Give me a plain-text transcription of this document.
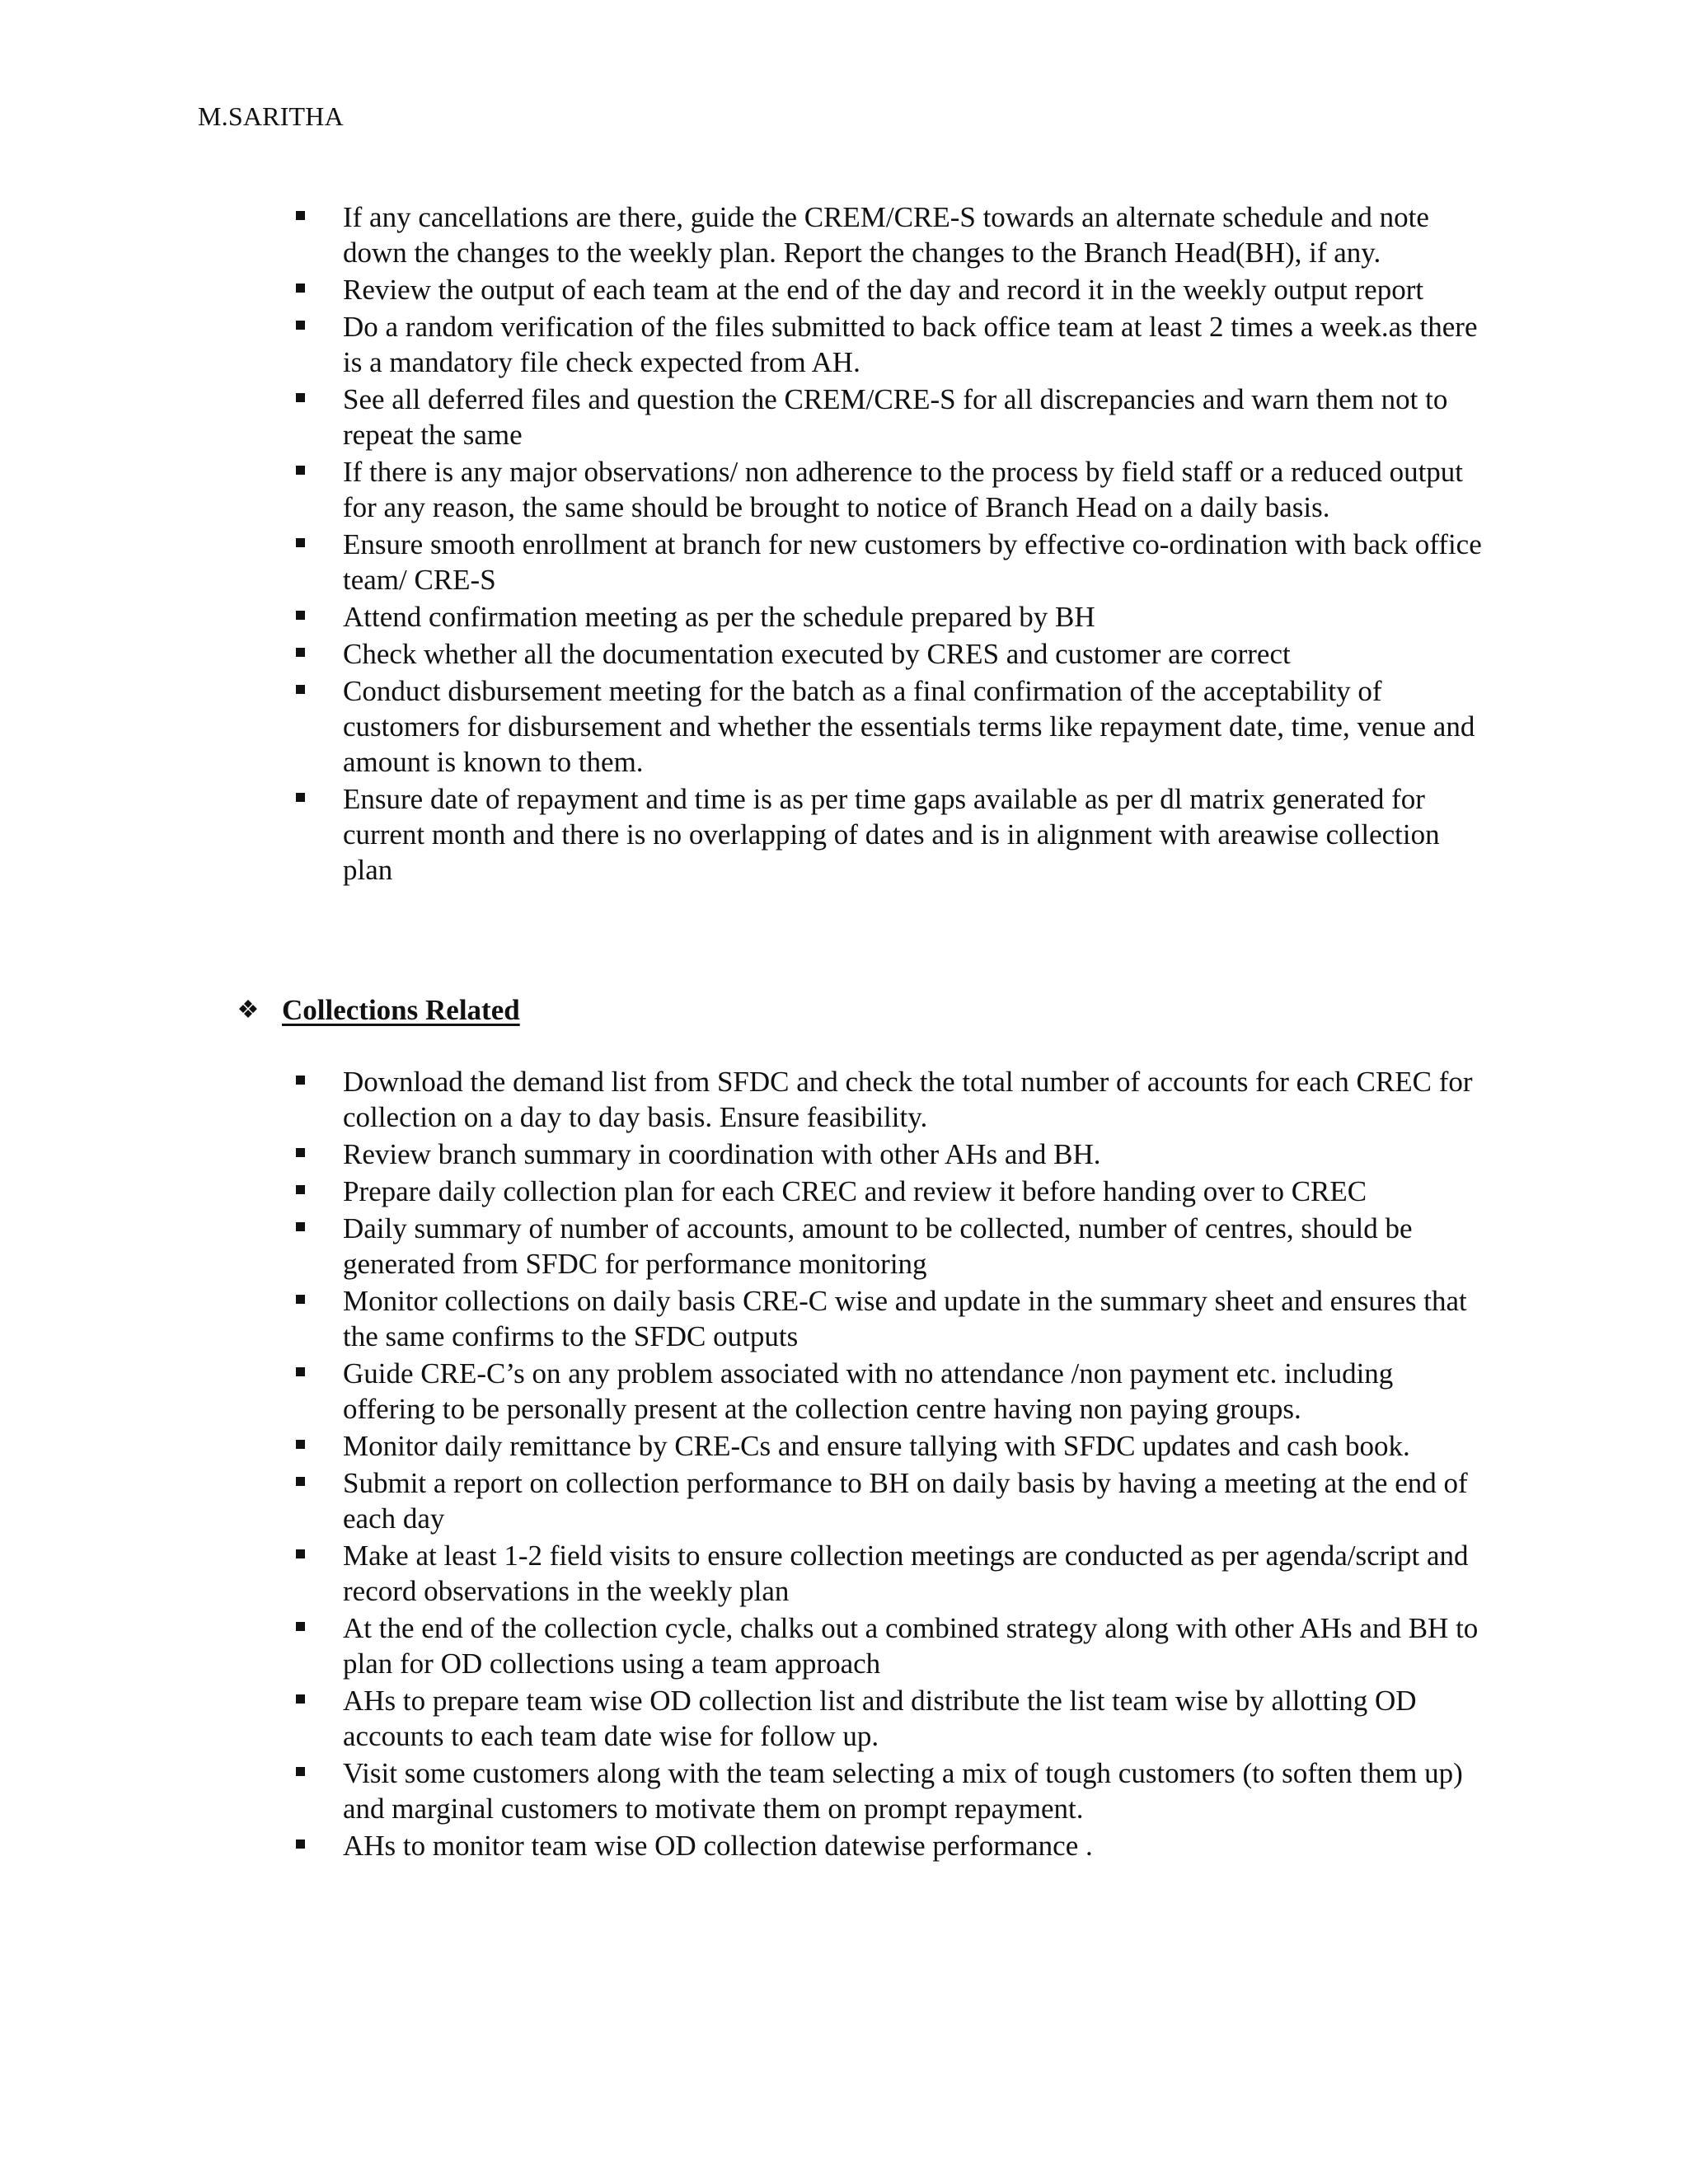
M.SARITHA
If any cancellations are there, guide the CREM/CRE-S towards an alternate schedule and note down the changes to the weekly plan. Report the changes to the Branch Head(BH), if any.
Review the output of each team at the end of the day and record it in the weekly output report
Do a random verification of the files submitted to back office team at least 2 times a week.as there is a mandatory file check expected from AH.
See all deferred files and question the CREM/CRE-S for all discrepancies and warn them not to repeat the same
If there is any major observations/ non adherence to the process by field staff or a reduced output for any reason, the same should be brought to notice of Branch Head on a daily basis.
Ensure smooth enrollment at branch for new customers by effective co-ordination with back office team/ CRE-S
Attend confirmation meeting as per the schedule prepared by BH
Check whether all the documentation executed by CRES and customer are correct
Conduct disbursement meeting for the batch as a final confirmation of the acceptability of customers for disbursement and whether the essentials terms like repayment date, time, venue and amount is known to them.
Ensure date of repayment and time is as per time gaps available as per dl matrix generated for current month and there is no overlapping of dates and is in alignment with areawise collection plan
❖ Collections Related
Download the demand list from SFDC and check the total number of accounts for each CREC for collection on a day to day basis. Ensure feasibility.
Review branch summary in coordination with other AHs and BH.
Prepare daily collection plan for each CREC and review it before handing over to CREC
Daily summary of number of accounts, amount to be collected, number of centres, should be generated from SFDC for performance monitoring
Monitor collections on daily basis CRE-C wise and update in the summary sheet and ensures that the same confirms to the SFDC outputs
Guide CRE-C’s on any problem associated with no attendance /non payment etc. including offering to be personally present at the collection centre having non paying groups.
Monitor daily remittance by CRE-Cs and ensure tallying with SFDC updates and cash book.
Submit a report on collection performance to BH on daily basis by having a meeting at the end of each day
Make at least 1-2 field visits to ensure collection meetings are conducted as per agenda/script and record observations in the weekly plan
At the end of the collection cycle, chalks out a combined strategy along with other AHs and BH to plan for OD collections using a team approach
AHs to prepare team wise OD collection list and distribute the list team wise by allotting OD accounts to each team date wise for follow up.
Visit some customers along with the team selecting a mix of tough customers (to soften them up) and marginal customers to motivate them on prompt repayment.
AHs to monitor team wise OD collection datewise performance .
